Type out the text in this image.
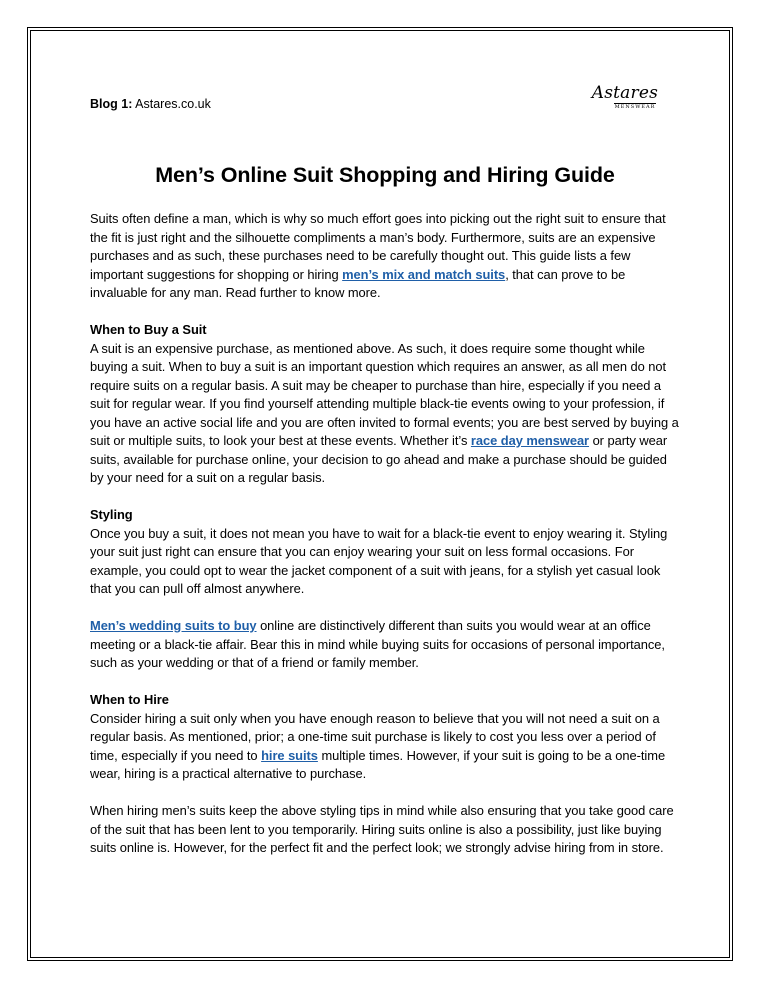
Blog 1: Astares.co.uk
Astares
MENSWEAR
Men’s Online Suit Shopping and Hiring Guide

Suits often define a man, which is why so much effort goes into picking out the right suit to ensure that the fit is just right and the silhouette compliments a man’s body. Furthermore, suits are an expensive purchases and as such, these purchases need to be carefully thought out. This guide lists a few important suggestions for shopping or hiring men’s mix and match suits, that can prove to be invaluable for any man. Read further to know more.

When to Buy a Suit

A suit is an expensive purchase, as mentioned above. As such, it does require some thought while buying a suit. When to buy a suit is an important question which requires an answer, as all men do not require suits on a regular basis. A suit may be cheaper to purchase than hire, especially if you need a suit for regular wear. If you find yourself attending multiple black-tie events owing to your profession, if you have an active social life and you are often invited to formal events; you are best served by buying a suit or multiple suits, to look your best at these events. Whether it’s race day menswear or party wear suits, available for purchase online, your decision to go ahead and make a purchase should be guided by your need for a suit on a regular basis.

Styling

Once you buy a suit, it does not mean you have to wait for a black-tie event to enjoy wearing it. Styling your suit just right can ensure that you can enjoy wearing your suit on less formal occasions. For example, you could opt to wear the jacket component of a suit with jeans, for a stylish yet casual look that you can pull off almost anywhere.

Men’s wedding suits to buy online are distinctively different than suits you would wear at an office meeting or a black-tie affair. Bear this in mind while buying suits for occasions of personal importance, such as your wedding or that of a friend or family member.

When to Hire

Consider hiring a suit only when you have enough reason to believe that you will not need a suit on a regular basis. As mentioned, prior; a one-time suit purchase is likely to cost you less over a period of time, especially if you need to hire suits multiple times. However, if your suit is going to be a one-time wear, hiring is a practical alternative to purchase.

When hiring men’s suits keep the above styling tips in mind while also ensuring that you take good care of the suit that has been lent to you temporarily. Hiring suits online is also a possibility, just like buying suits online is. However, for the perfect fit and the perfect look; we strongly advise hiring from in store.
